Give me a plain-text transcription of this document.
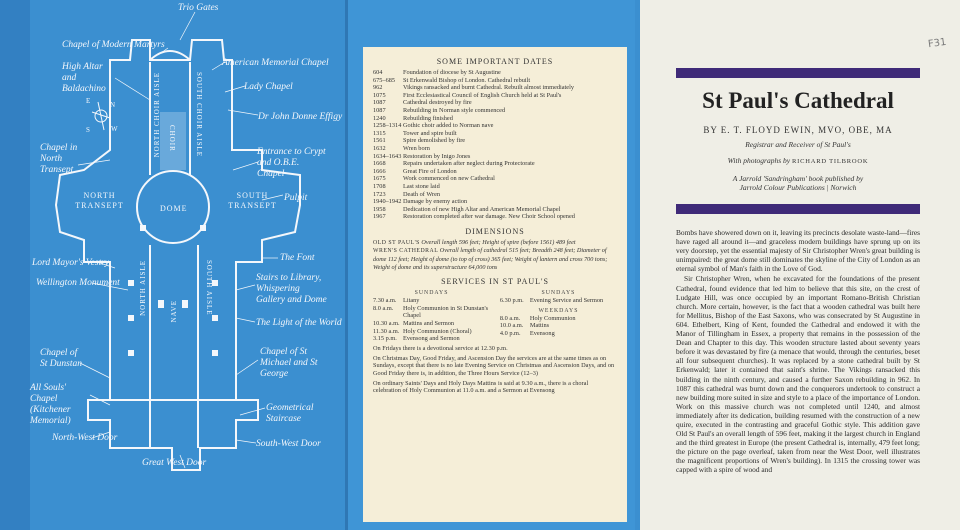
E	N
S	W	NORTH CHOIR AISLE CHOIR	SOUTH CHOIR AISLE
NORTH TRANSEPT	DOME
SOUTH TRANSEPT
NORTH AISLE	NAVE	SOUTH AISLE
Trio Gates
Chapel of Modern Martyrs
American Memorial Chapel
High Altar and Baldachino	Lady Chapel
Dr John Donne Effigy
Chapel in North Transept
Entrance to Crypt and O.B.E. Chapel
Pulpit
Lord Mayor's Vestry	The Font
Wellington Monument	Stairs to Library, Whispering Gallery and Dome
The Light of the World
Chapel of St Dunstan
Chapel of St Michael and St George
All Souls' Chapel (Kitchener Memorial)
Geometrical Staircase
North-West Door
South-West Door
Great West Door
SOME IMPORTANT DATES
604	Foundation of diocese by St Augustine
675–685	St Erkenwald Bishop of London. Cathedral rebuilt
962	Vikings ransacked and burnt Cathedral. Rebuilt almost immediately
1075	First Ecclesiastical Council of English Church held at St Paul's
1087	Cathedral destroyed by fire
1087	Rebuilding in Norman style commenced
1240	Rebuilding finished
1258–1314	Gothic choir added to Norman nave
1315	Tower and spire built
1561	Spire demolished by fire
1632	Wren born
1634–1643	Restoration by Inigo Jones
1668	Repairs undertaken after neglect during Protectorate
1666	Great Fire of London
1675	Work commenced on new Cathedral
1708	Last stone laid
1723	Death of Wren
1940–1942	Damage by enemy action
1958	Dedication of new High Altar and American Memorial Chapel
1967	Restoration completed after war damage. New Choir School opened
DIMENSIONS

OLD ST PAUL'S Overall length 596 feet; Height of spire (before 1561) 489 feet

WREN'S CATHEDRAL Overall length of cathedral 515 feet; Breadth 248 feet; Diameter of dome 112 feet; Height of dome (to top of cross) 365 feet; Weight of lantern and cross 700 tons; Weight of dome and its superstructure 64,000 tons

SERVICES IN ST PAUL'S
SUNDAYS
7.30 a.m.	Litany
8.0 a.m.	Holy Communion in St Dunstan's Chapel
10.30 a.m. Mattins and Sermon
11.30 a.m. Holy Communion (Choral)
3.15 p.m. Evensong and Sermon
SUNDAYS
6.30 p.m. Evening Service and Sermon
WEEKDAYS
8.0 a.m.	Holy Communion
10.0 a.m.	Mattins
4.0 p.m.	Evensong

On Fridays there is a devotional service at 12.30 p.m.

On Christmas Day, Good Friday, and Ascension Day the services are at the same times as on Sundays, except that there is no late Evening Service on Christmas and Ascension Days, and on Good Friday there is, in addition, the Three Hours Service (12–3)

On ordinary Saints' Days and Holy Days Mattins is said at 9.30 a.m., there is a choral celebration of Holy Communion at 11.0 a.m. and a Sermon at Evensong

F31
St Paul's Cathedral
BY E. T. FLOYD EWIN, MVO, OBE, MA
Registrar and Receiver of St Paul's
With photographs by RICHARD TILBROOK
A Jarrold 'Sandringham' book published by
Jarrold Colour Publications | Norwich

Bombs have showered down on it, leaving its precincts desolate waste-land—fires have raged all around it—and graceless modern buildings have sprung up on its very doorstep, yet the essential majesty of Sir Christopher Wren's great building is unimpaired: the great dome still dominates the skyline of the City of London as an eternal symbol of Man's faith in the Love of God.

Sir Christopher Wren, when he excavated for the foundations of the present Cathedral, found evidence that led him to believe that this site, on the crest of Ludgate Hill, was once occupied by an important Romano-British Christian church. More certain, however, is the fact that a wooden cathedral was built here for Mellitus, Bishop of the East Saxons, who was consecrated by St Augustine in 604. Ethelbert, King of Kent, founded the Cathedral and endowed it with the Manor of Tillingham in Essex, a property that remains in the possession of the Dean and Chapter to this day. This wooden structure lasted about seventy years before it was devastated by fire (a menace that would, through the centuries, beset all four subsequent churches). It was replaced by a stone cathedral built by St Erkenwald; later it contained that saint's shrine. The Vikings ransacked this building in the ninth century, and caused a further Saxon rebuilding in 962. In 1087 this cathedral was burnt down and the conquerors undertook to construct a new building more suited in size and style to a place of the importance of London. Work on this massive church was not completed until 1240, and almost immediately after its dedication, building resumed with the construction of a new quire, executed in the contrasting and graceful Gothic style. This addition gave Old St Paul's an overall length of 596 feet, making it the largest church in England and the third greatest in Europe (the present Cathedral is, internally, 479 feet long; the picture on the page overleaf, taken from near the West Door, well illustrates the magnificent proportions of Wren's building). In 1315 the crossing tower was capped with a spire of wood and
